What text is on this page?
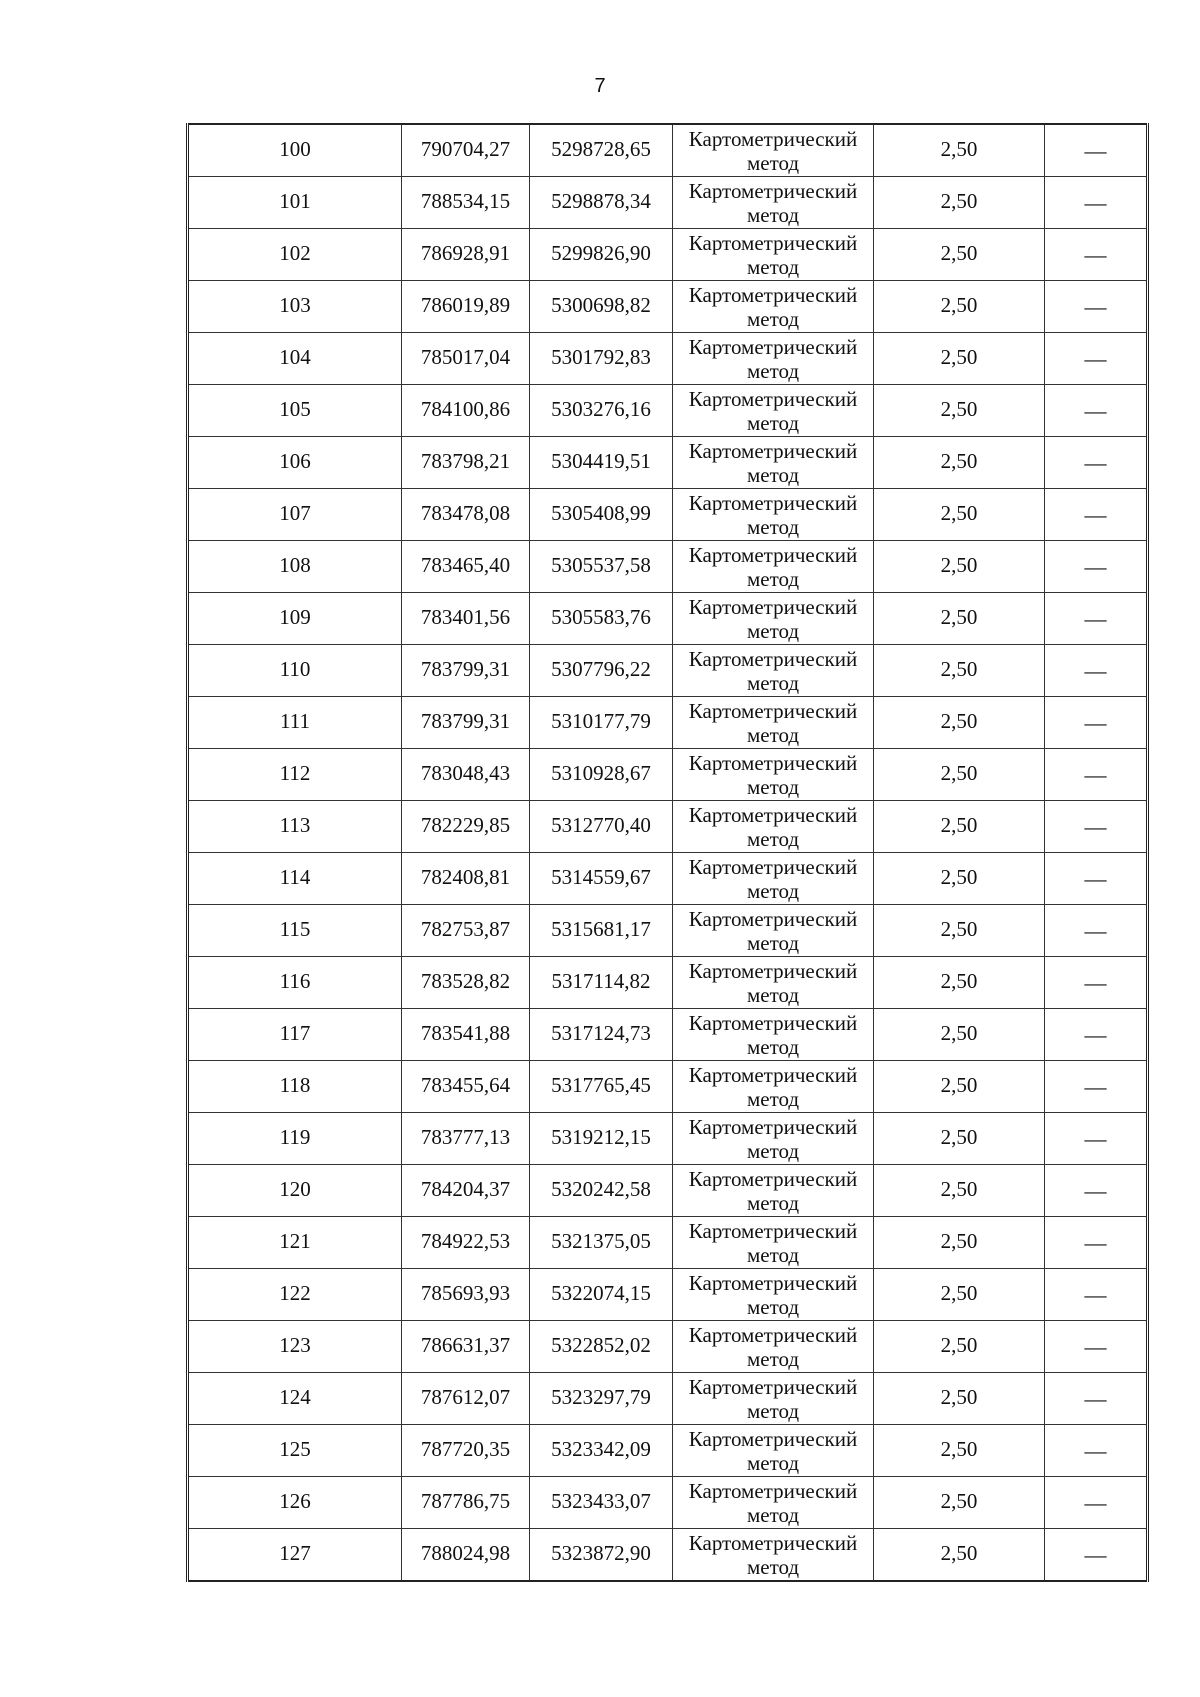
7
100	790704,27	5298728,65	Картометрический
метод	2,50	—
101	788534,15	5298878,34	Картометрический
метод	2,50	—
102	786928,91	5299826,90	Картометрический
метод	2,50	—
103	786019,89	5300698,82	Картометрический
метод	2,50	—
104	785017,04	5301792,83	Картометрический
метод	2,50	—
105	784100,86	5303276,16	Картометрический
метод	2,50	—
106	783798,21	5304419,51	Картометрический
метод	2,50	—
107	783478,08	5305408,99	Картометрический
метод	2,50	—
108	783465,40	5305537,58	Картометрический
метод	2,50	—
109	783401,56	5305583,76	Картометрический
метод	2,50	—
110	783799,31	5307796,22	Картометрический
метод	2,50	—
111	783799,31	5310177,79	Картометрический
метод	2,50	—
112	783048,43	5310928,67	Картометрический
метод	2,50	—
113	782229,85	5312770,40	Картометрический
метод	2,50	—
114	782408,81	5314559,67	Картометрический
метод	2,50	—
115	782753,87	5315681,17	Картометрический
метод	2,50	—
116	783528,82	5317114,82	Картометрический
метод	2,50	—
117	783541,88	5317124,73	Картометрический
метод	2,50	—
118	783455,64	5317765,45	Картометрический
метод	2,50	—
119	783777,13	5319212,15	Картометрический
метод	2,50	—
120	784204,37	5320242,58	Картометрический
метод	2,50	—
121	784922,53	5321375,05	Картометрический
метод	2,50	—
122	785693,93	5322074,15	Картометрический
метод	2,50	—
123	786631,37	5322852,02	Картометрический
метод	2,50	—
124	787612,07	5323297,79	Картометрический
метод	2,50	—
125	787720,35	5323342,09	Картометрический
метод	2,50	—
126	787786,75	5323433,07	Картометрический
метод	2,50	—
127	788024,98	5323872,90	Картометрический
метод	2,50	—
